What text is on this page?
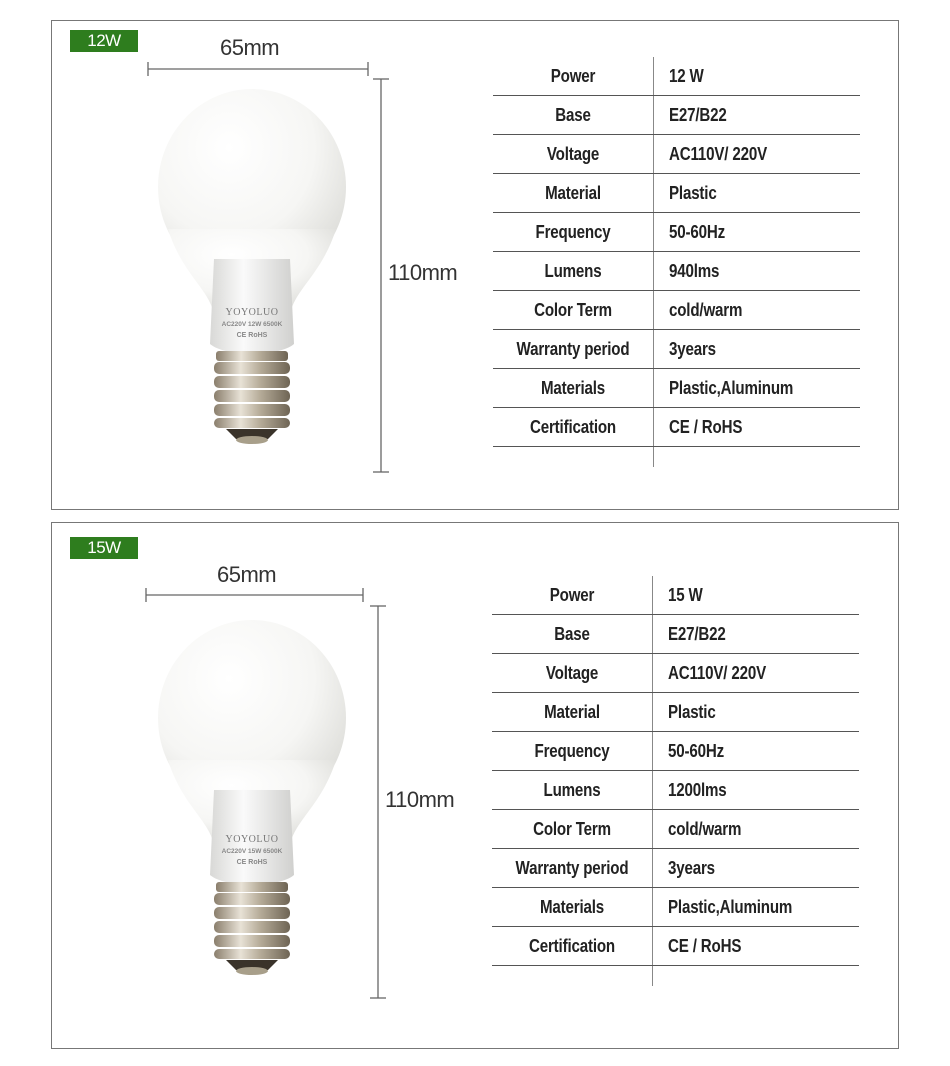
12W
YOYOLUO
AC220V 12W 6500K
CE RoHS
65mm
110mm
Power	12 W
Base	E27/B22
Voltage	AC110V/ 220V
Material	Plastic
Frequency	50-60Hz
Lumens	940lms
Color Term	cold/warm
Warranty period	3years
Materials	Plastic,Aluminum
Certification	CE / RoHS
15W
YOYOLUO
AC220V 15W 6500K
CE RoHS
65mm
110mm
Power	15 W
Base	E27/B22
Voltage	AC110V/ 220V
Material	Plastic
Frequency	50-60Hz
Lumens	1200lms
Color Term	cold/warm
Warranty period	3years
Materials	Plastic,Aluminum
Certification	CE / RoHS
